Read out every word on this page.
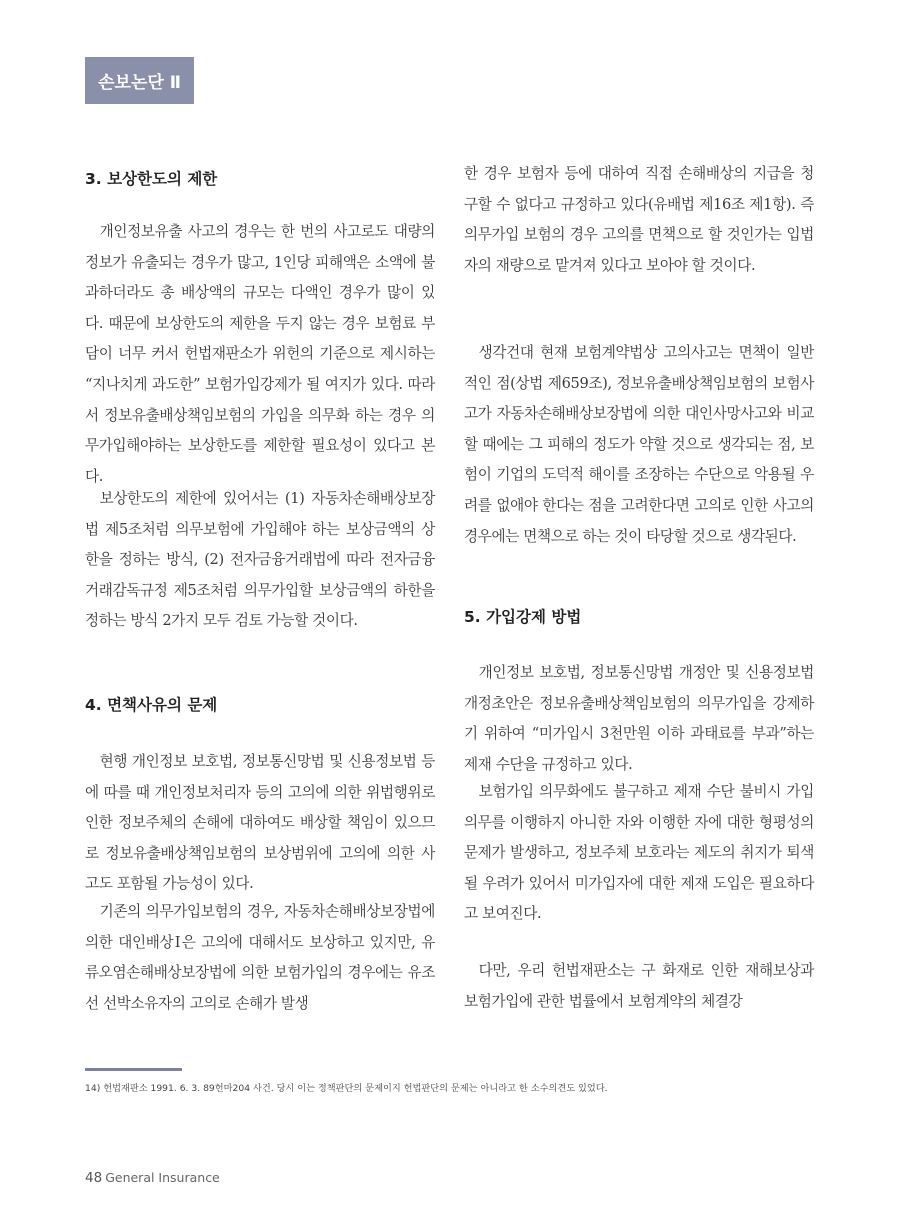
손보논단 Ⅱ
3. 보상한도의 제한

개인정보유출 사고의 경우는 한 번의 사고로도 대량의 정보가 유출되는 경우가 많고, 1인당 피해액은 소액에 불과하더라도 총 배상액의 규모는 다액인 경우가 많이 있다. 때문에 보상한도의 제한을 두지 않는 경우 보험료 부담이 너무 커서 헌법재판소가 위헌의 기준으로 제시하는 “지나치게 과도한” 보험가입강제가 될 여지가 있다. 따라서 정보유출배상책임보험의 가입을 의무화 하는 경우 의무가입해야하는 보상한도를 제한할 필요성이 있다고 본다.

보상한도의 제한에 있어서는 (1) 자동차손해배상보장법 제5조처럼 의무보험에 가입해야 하는 보상금액의 상한을 정하는 방식, (2) 전자금융거래법에 따라 전자금융거래감독규정 제5조처럼 의무가입할 보상금액의 하한을 정하는 방식 2가지 모두 검토 가능할 것이다.

4. 면책사유의 문제

현행 개인정보 보호법, 정보통신망법 및 신용정보법 등에 따를 때 개인정보처리자 등의 고의에 의한 위법행위로 인한 정보주체의 손해에 대하여도 배상할 책임이 있으므로 정보유출배상책임보험의 보상범위에 고의에 의한 사고도 포함될 가능성이 있다.

기존의 의무가입보험의 경우, 자동차손해배상보장법에 의한 대인배상Ⅰ은 고의에 대해서도 보상하고 있지만, 유류오염손해배상보장법에 의한 보험가입의 경우에는 유조선 선박소유자의 고의로 손해가 발생

한 경우 보험자 등에 대하여 직접 손해배상의 지급을 청구할 수 없다고 규정하고 있다(유배법 제16조 제1항). 즉 의무가입 보험의 경우 고의를 면책으로 할 것인가는 입법자의 재량으로 맡겨져 있다고 보아야 할 것이다.

생각건대 현재 보험계약법상 고의사고는 면책이 일반적인 점(상법 제659조), 정보유출배상책임보험의 보험사고가 자동차손해배상보장법에 의한 대인사망사고와 비교할 때에는 그 피해의 정도가 약할 것으로 생각되는 점, 보험이 기업의 도덕적 해이를 조장하는 수단으로 악용될 우려를 없애야 한다는 점을 고려한다면 고의로 인한 사고의 경우에는 면책으로 하는 것이 타당할 것으로 생각된다.

5. 가입강제 방법

개인정보 보호법, 정보통신망법 개정안 및 신용정보법 개정초안은 정보유출배상책임보험의 의무가입을 강제하기 위하여 “미가입시 3천만원 이하 과태료를 부과”하는 제재 수단을 규정하고 있다.

보험가입 의무화에도 불구하고 제재 수단 불비시 가입의무를 이행하지 아니한 자와 이행한 자에 대한 형평성의 문제가 발생하고, 정보주체 보호라는 제도의 취지가 퇴색될 우려가 있어서 미가입자에 대한 제재 도입은 필요하다고 보여진다.

다만, 우리 헌법재판소는 구 화재로 인한 재해보상과 보험가입에 관한 법률에서 보험계약의 체결강

14) 헌법재판소 1991. 6. 3. 89헌마204 사건. 당시 이는 정책판단의 문제이지 헌법판단의 문제는 아니라고 한 소수의견도 있었다.
48 General Insurance
